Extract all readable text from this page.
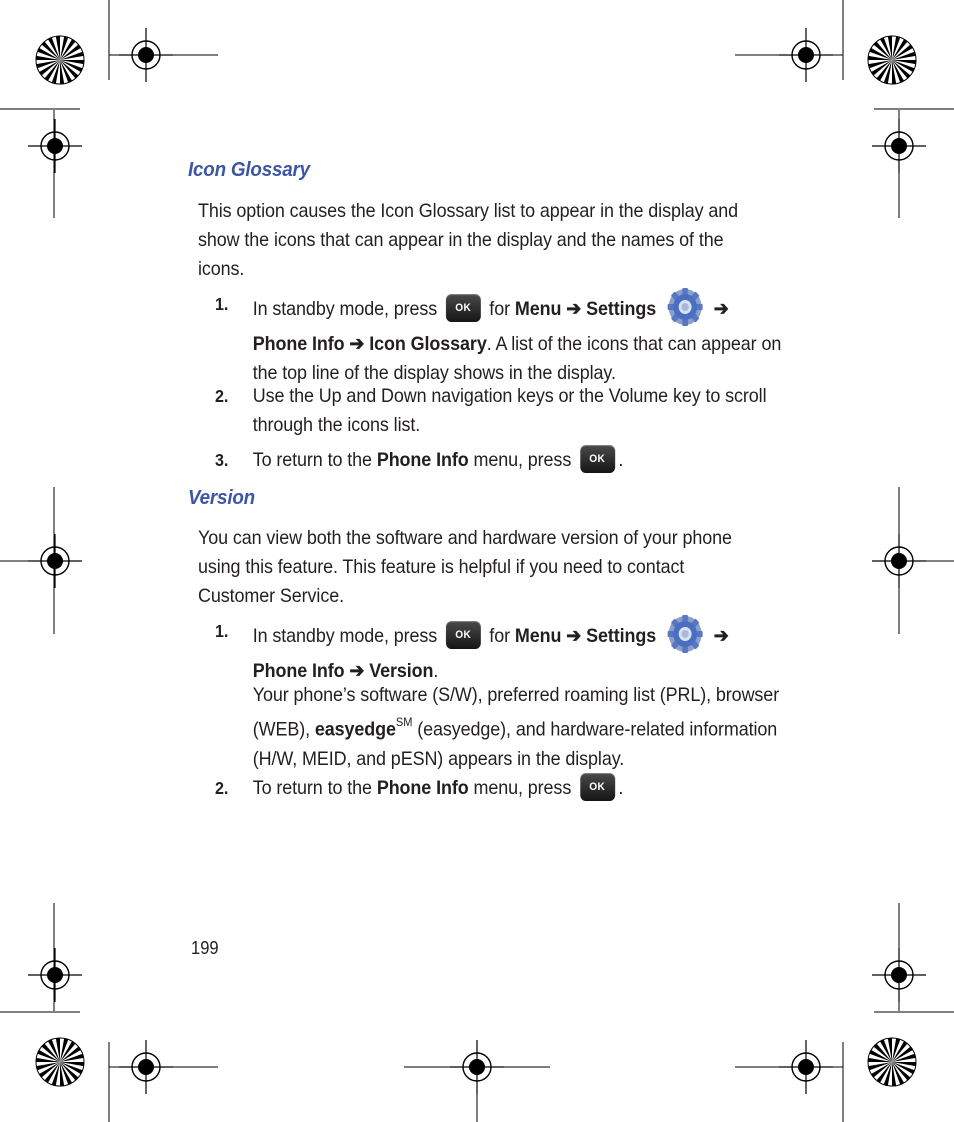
Icon Glossary
This option causes the Icon Glossary list to appear in the display and show the icons that can appear in the display and the names of the icons.
1. In standby mode, press OK for Menu ➔ Settings	➔
Phone Info ➔ Icon Glossary. A list of the icons that can appear on the top line of the display shows in the display.
2. Use the Up and Down navigation keys or the Volume key to scroll through the icons list.
3. To return to the Phone Info menu, press OK .
Version
You can view both the software and hardware version of your phone using this feature. This feature is helpful if you need to contact Customer Service.
1. In standby mode, press OK for Menu ➔ Settings	➔
Phone Info ➔ Version.
Your phone’s software (S/W), preferred roaming list (PRL), browser (WEB), easyedge℠ (easyedge), and hardware-related information (H/W, MEID, and pESN) appears in the display.
2. To return to the Phone Info menu, press OK .
199
